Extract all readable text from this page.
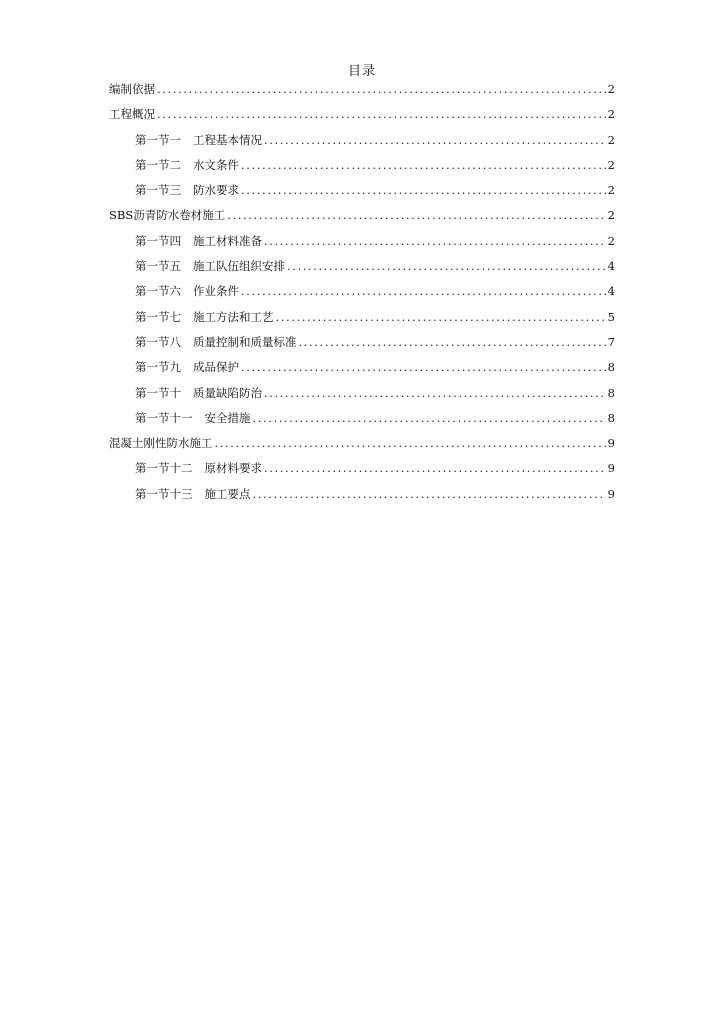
目录
编制依据 .....	2
工程概况 .....	2
第一节一 工程基本情况 .....	2
第一节二 水文条件 .....	2
第一节三 防水要求 .....	2
SBS沥青防水卷材施工 .....	2
第一节四 施工材料准备 .....	2
第一节五 施工队伍组织安排 .....	4
第一节六 作业条件 .....	4
第一节七 施工方法和工艺 .....	5
第一节八 质量控制和质量标准 .....	7
第一节九 成品保护 .....	8
第一节十 质量缺陷防治 .....	8
第一节十一 安全措施 .....	8
混凝土刚性防水施工 .....	9
第一节十二 原材料要求 .....	9
第一节十三 施工要点 .....	9
